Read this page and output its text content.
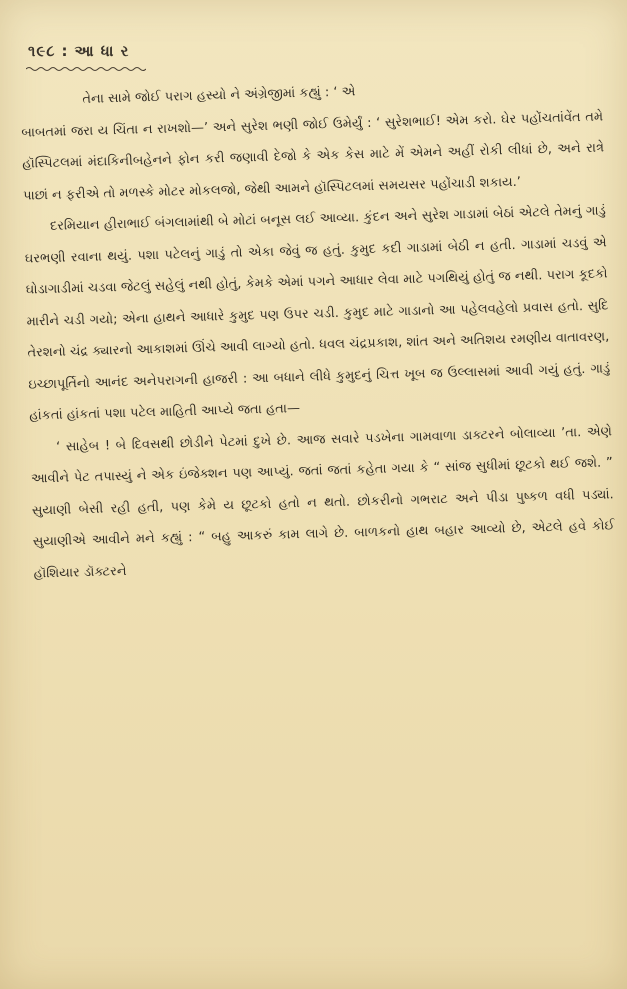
૧૯૮ : આ ધા ર

તેના સામે જોઈ પરાગ હસ્યો ને અંગ્રેજીમાં કહ્યું : ‘ એ

બાબતમાં જરા ય ચિંતા ન રાખશો—’ અને સુરેશ ભણી જોઈ ઉમેર્યું : ‘ સુરેશભાઈ! એમ કરો. ઘેર પહોંચતાંવેંત તમે હૉસ્પિટલમાં મંદાકિનીબહેનને ફોન કરી જણાવી દેજો કે એક કેસ માટે મેં એમને અહીં રોકી લીધાં છે, અને રાત્રે પાછાં ન ફરીએ તો મળસ્કે મોટર મોકલજો, જેથી આમને હૉસ્પિટલમાં સમયસર પહોંચાડી શકાય.’

દરમિયાન હીરાભાઈ બંગલામાંથી બે મોટાં બનૂસ લઈ આવ્યા. કુંદન અને સુરેશ ગાડામાં બેઠાં એટલે તેમનું ગાડું ઘરભણી રવાના થયું. પશા પટેલનું ગાડું તો એકા જેવું જ હતું. કુમુદ કદી ગાડામાં બેઠી ન હતી. ગાડામાં ચડવું એ ઘોડાગાડીમાં ચડવા જેટલું સહેલું નથી હોતું, કેમકે એમાં પગને આધાર લેવા માટે પગથિયું હોતું જ નથી. પરાગ કૂદકો મારીને ચડી ગયો; એના હાથને આધારે કુમુદ પણ ઉપર ચડી. કુમુદ માટે ગાડાનો આ પહેલવહેલો પ્રવાસ હતો. સુદિ તેરશનો ચંદ્ર ક્યારનો આકાશમાં ઊંચે આવી લાગ્યો હતો. ધવલ ચંદ્રપ્રકાશ, શાંત અને અતિશય રમણીય વાતાવરણ, ઇચ્છાપૂર્તિનો આનંદ અનેપરાગની હાજરી : આ બધાને લીધે કુમુદનું ચિત્ત ખૂબ જ ઉલ્લાસમાં આવી ગયું હતું. ગાડું હાંકતાં હાંકતાં પશા પટેલ માહિતી આપ્યે જતા હતા—

‘ સાહેબ ! બે દિવસથી છોડીને પેટમાં દુખે છે. આજ સવારે પડખેના ગામવાળા ડાક્ટરને બોલાવ્યા ’તા. એણે આવીને પેટ તપાસ્યું ને એક ઇંજેક્શન પણ આપ્યું. જતાં જતાં કહેતા ગયા કે “ સાંજ સુધીમાં છૂટકો થઈ જશે. ” સુયાણી બેસી રહી હતી, પણ કેમે ય છૂટકો હતો ન થતો. છોકરીનો ગભરાટ અને પીડા પુષ્કળ વધી પડ્યાં. સુયાણીએ આવીને મને કહ્યું : “ બહુ આકરું કામ લાગે છે. બાળકનો હાથ બહાર આવ્યો છે, એટલે હવે કોઈ હૉશિયાર ડૉક્ટરને
